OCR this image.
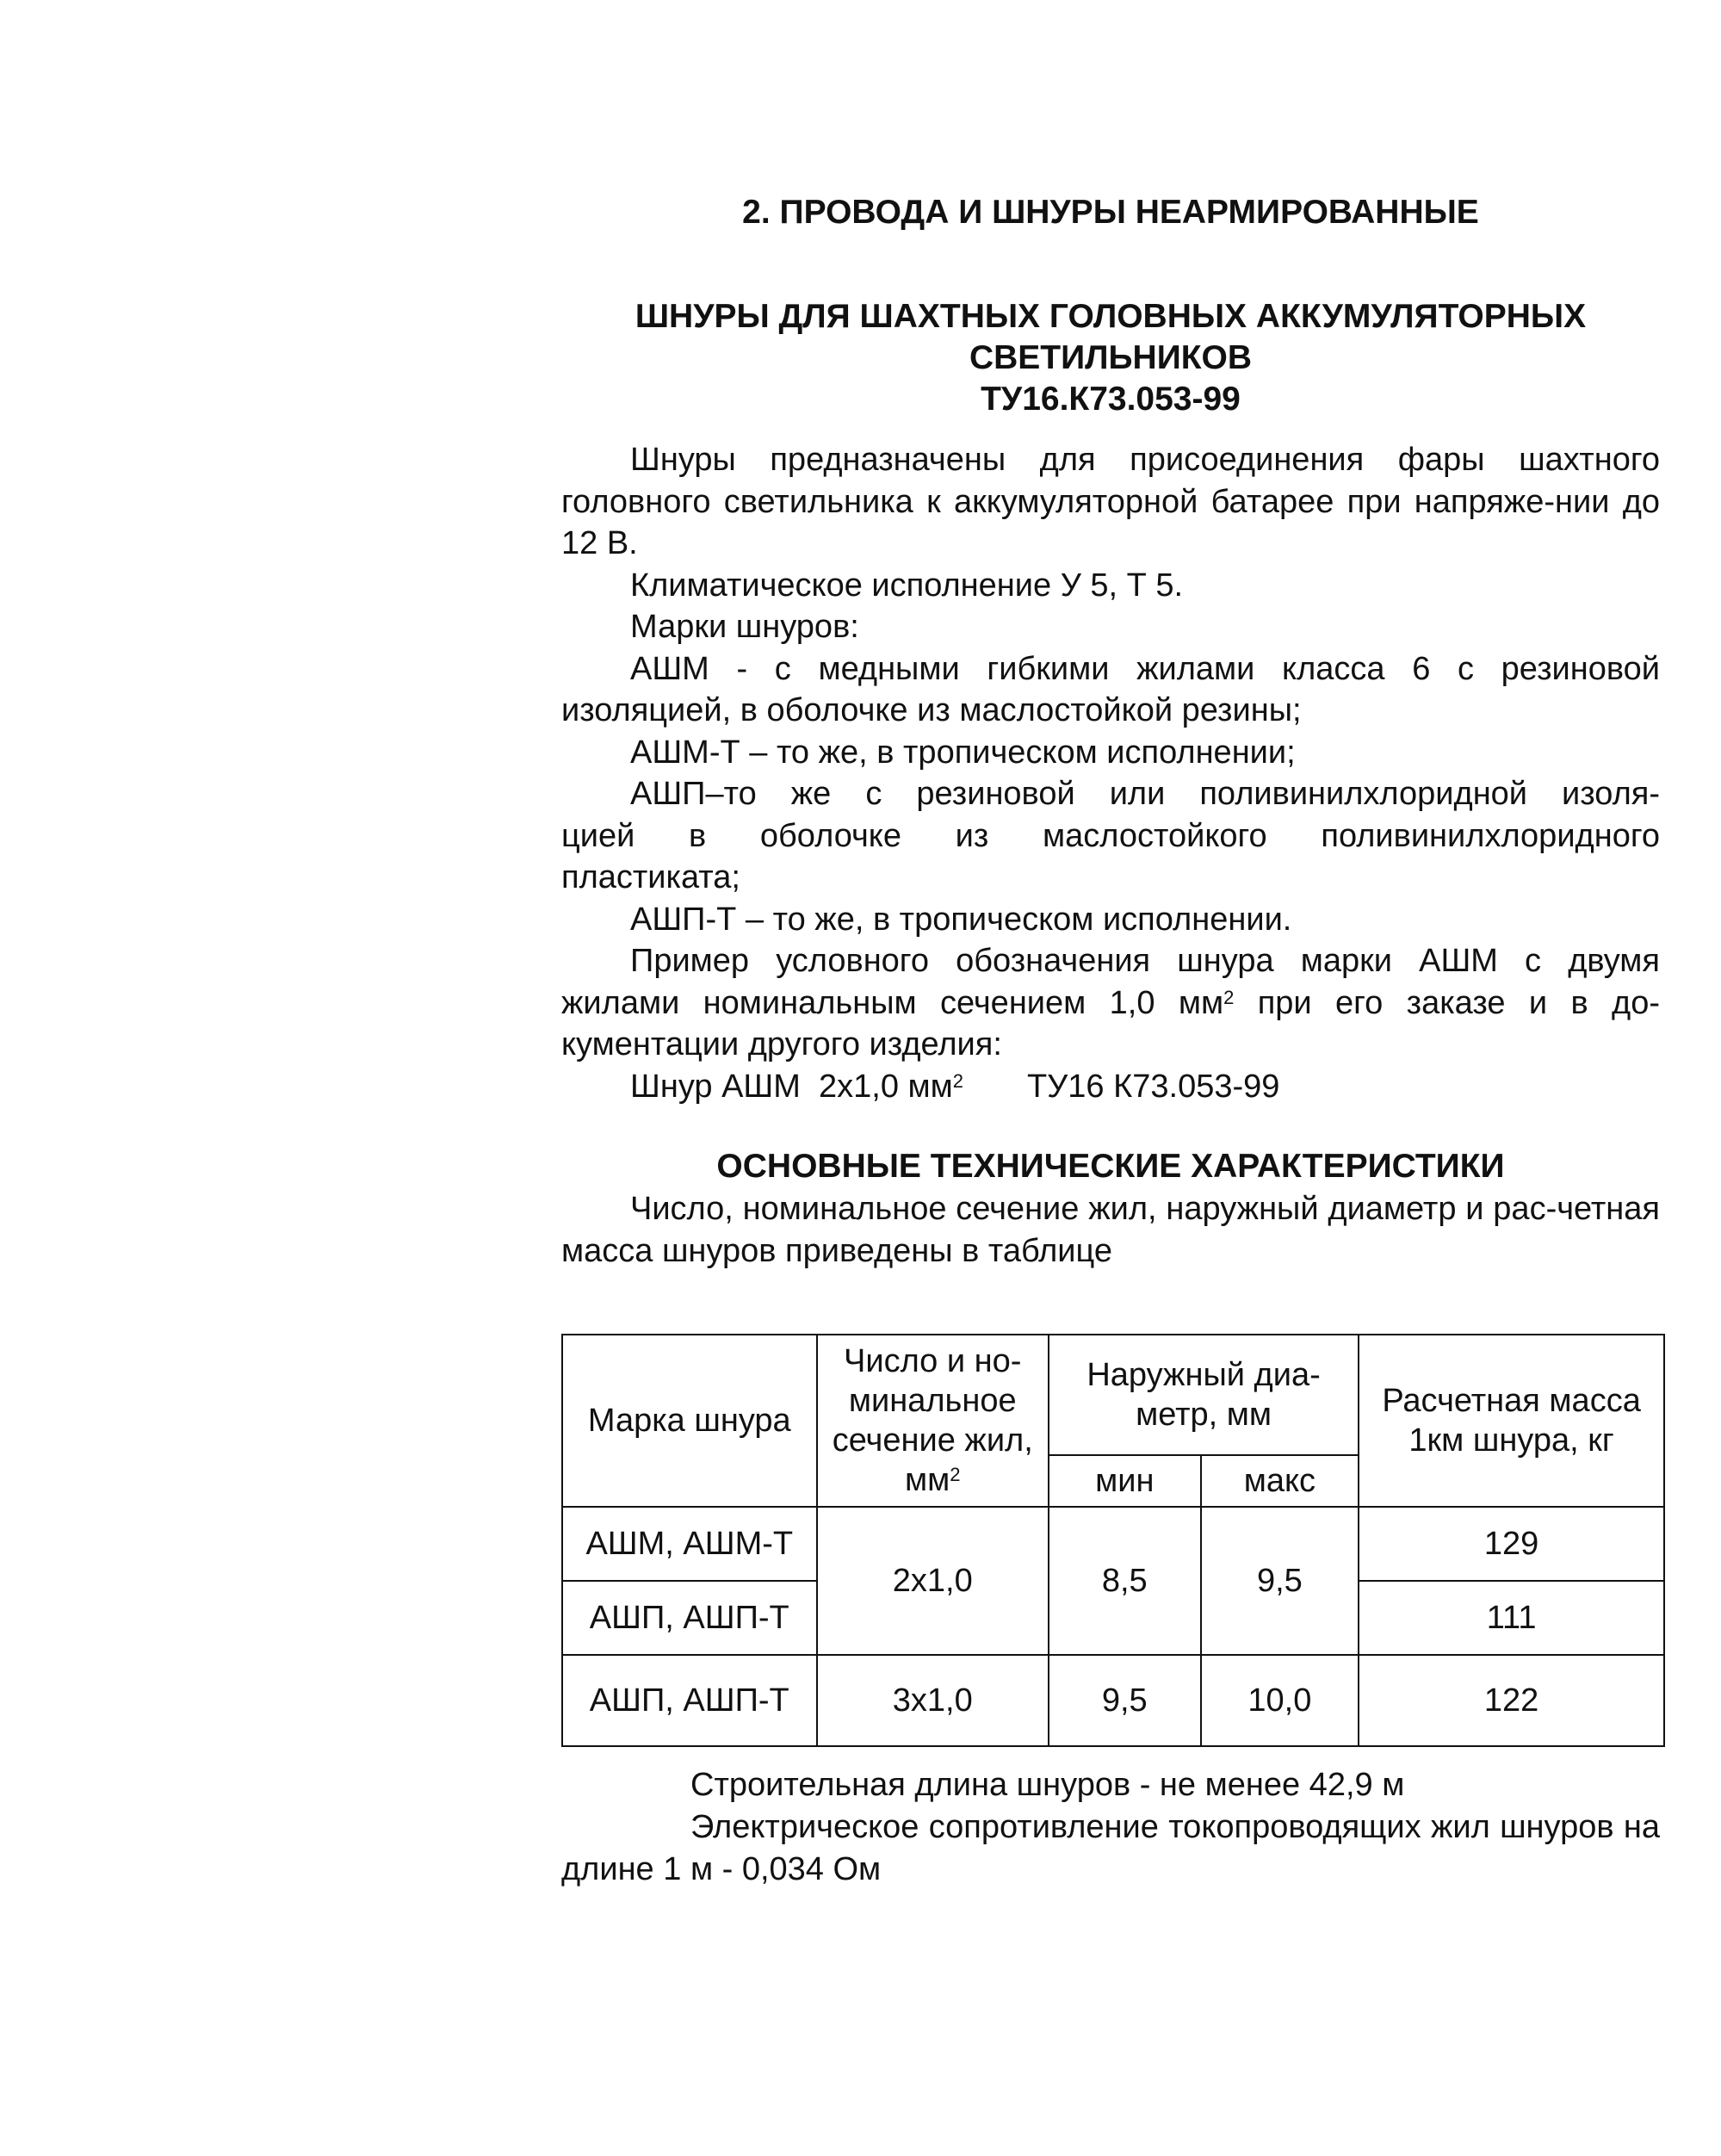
2. ПРОВОДА И ШНУРЫ НЕАРМИРОВАННЫЕ
ШНУРЫ ДЛЯ ШАХТНЫХ ГОЛОВНЫХ АККУМУЛЯТОРНЫХ
СВЕТИЛЬНИКОВ
ТУ16.К73.053-99

Шнуры предназначены для присоединения фары шахтного головного светильника к аккумуляторной батарее при напряже-нии до 12 В.

Климатическое исполнение У 5, Т 5.

Марки шнуров:

АШМ - с медными гибкими жилами класса 6 с резиновой изоляцией, в оболочке из маслостойкой резины;

АШМ-Т – то же, в тропическом исполнении;

АШП–то же с резиновой или поливинилхлоридной изоля-

цией в оболочке из маслостойкого поливинилхлоридного

пластиката;

АШП-Т – то же, в тропическом исполнении.

Пример условного обозначения шнура марки АШМ с двумя жилами номинальным сечением 1,0 $мм^2$ при его заказе и в до-кументации другого изделия:

Шнур АШМ  2х1,0 $мм^2$       ТУ16 К73.053-99

ОСНОВНЫЕ ТЕХНИЧЕСКИЕ ХАРАКТЕРИСТИКИ

Число, номинальное сечение жил, наружный диаметр и рас-четная масса шнуров приведены в таблице

Марка шнура	Число и но-минальное сечение жил, $мм^2$	Наружный диа-метр, мм		Расчетная масса 1км шнура, кг
		мин	макс	
АШМ, АШМ-Т	2х1,0	8,5	9,5	129
АШП, АШП-Т				111
АШП, АШП-Т	3х1,0	9,5	10,0	122

Строительная длина шнуров - не менее 42,9 м

Электрическое сопротивление токопроводящих жил шнуров на длине 1 м - 0,034 Ом
